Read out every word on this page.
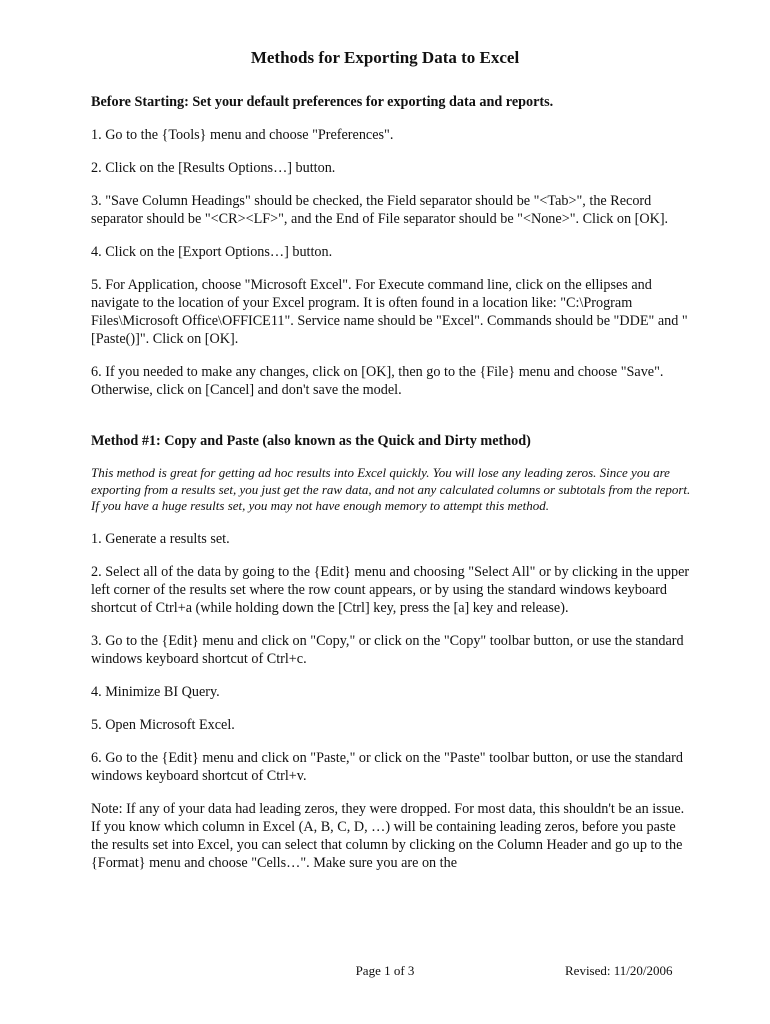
Methods for Exporting Data to Excel

Before Starting: Set your default preferences for exporting data and reports.

1. Go to the {Tools} menu and choose "Preferences".

2. Click on the [Results Options…] button.

3. "Save Column Headings" should be checked, the Field separator should be "<Tab>", the Record separator should be "<CR><LF>", and the End of File separator should be "<None>". Click on [OK].

4. Click on the [Export Options…] button.

5. For Application, choose "Microsoft Excel". For Execute command line, click on the ellipses and navigate to the location of your Excel program. It is often found in a location like: "C:\Program Files\Microsoft Office\OFFICE11". Service name should be "Excel". Commands should be "DDE" and "[Paste()]". Click on [OK].

6. If you needed to make any changes, click on [OK], then go to the {File} menu and choose "Save". Otherwise, click on [Cancel] and don't save the model.

Method #1: Copy and Paste (also known as the Quick and Dirty method)

This method is great for getting ad hoc results into Excel quickly. You will lose any leading zeros. Since you are exporting from a results set, you just get the raw data, and not any calculated columns or subtotals from the report. If you have a huge results set, you may not have enough memory to attempt this method.

1. Generate a results set.

2. Select all of the data by going to the {Edit} menu and choosing "Select All" or by clicking in the upper left corner of the results set where the row count appears, or by using the standard windows keyboard shortcut of Ctrl+a (while holding down the [Ctrl] key, press the [a] key and release).

3. Go to the {Edit} menu and click on "Copy," or click on the "Copy" toolbar button, or use the standard windows keyboard shortcut of Ctrl+c.

4. Minimize BI Query.

5. Open Microsoft Excel.

6. Go to the {Edit} menu and click on "Paste," or click on the "Paste" toolbar button, or use the standard windows keyboard shortcut of Ctrl+v.

Note: If any of your data had leading zeros, they were dropped. For most data, this shouldn't be an issue. If you know which column in Excel (A, B, C, D, …) will be containing leading zeros, before you paste the results set into Excel, you can select that column by clicking on the Column Header and go up to the {Format} menu and choose "Cells…". Make sure you are on the

Page 1 of 3	Revised: 11/20/2006
